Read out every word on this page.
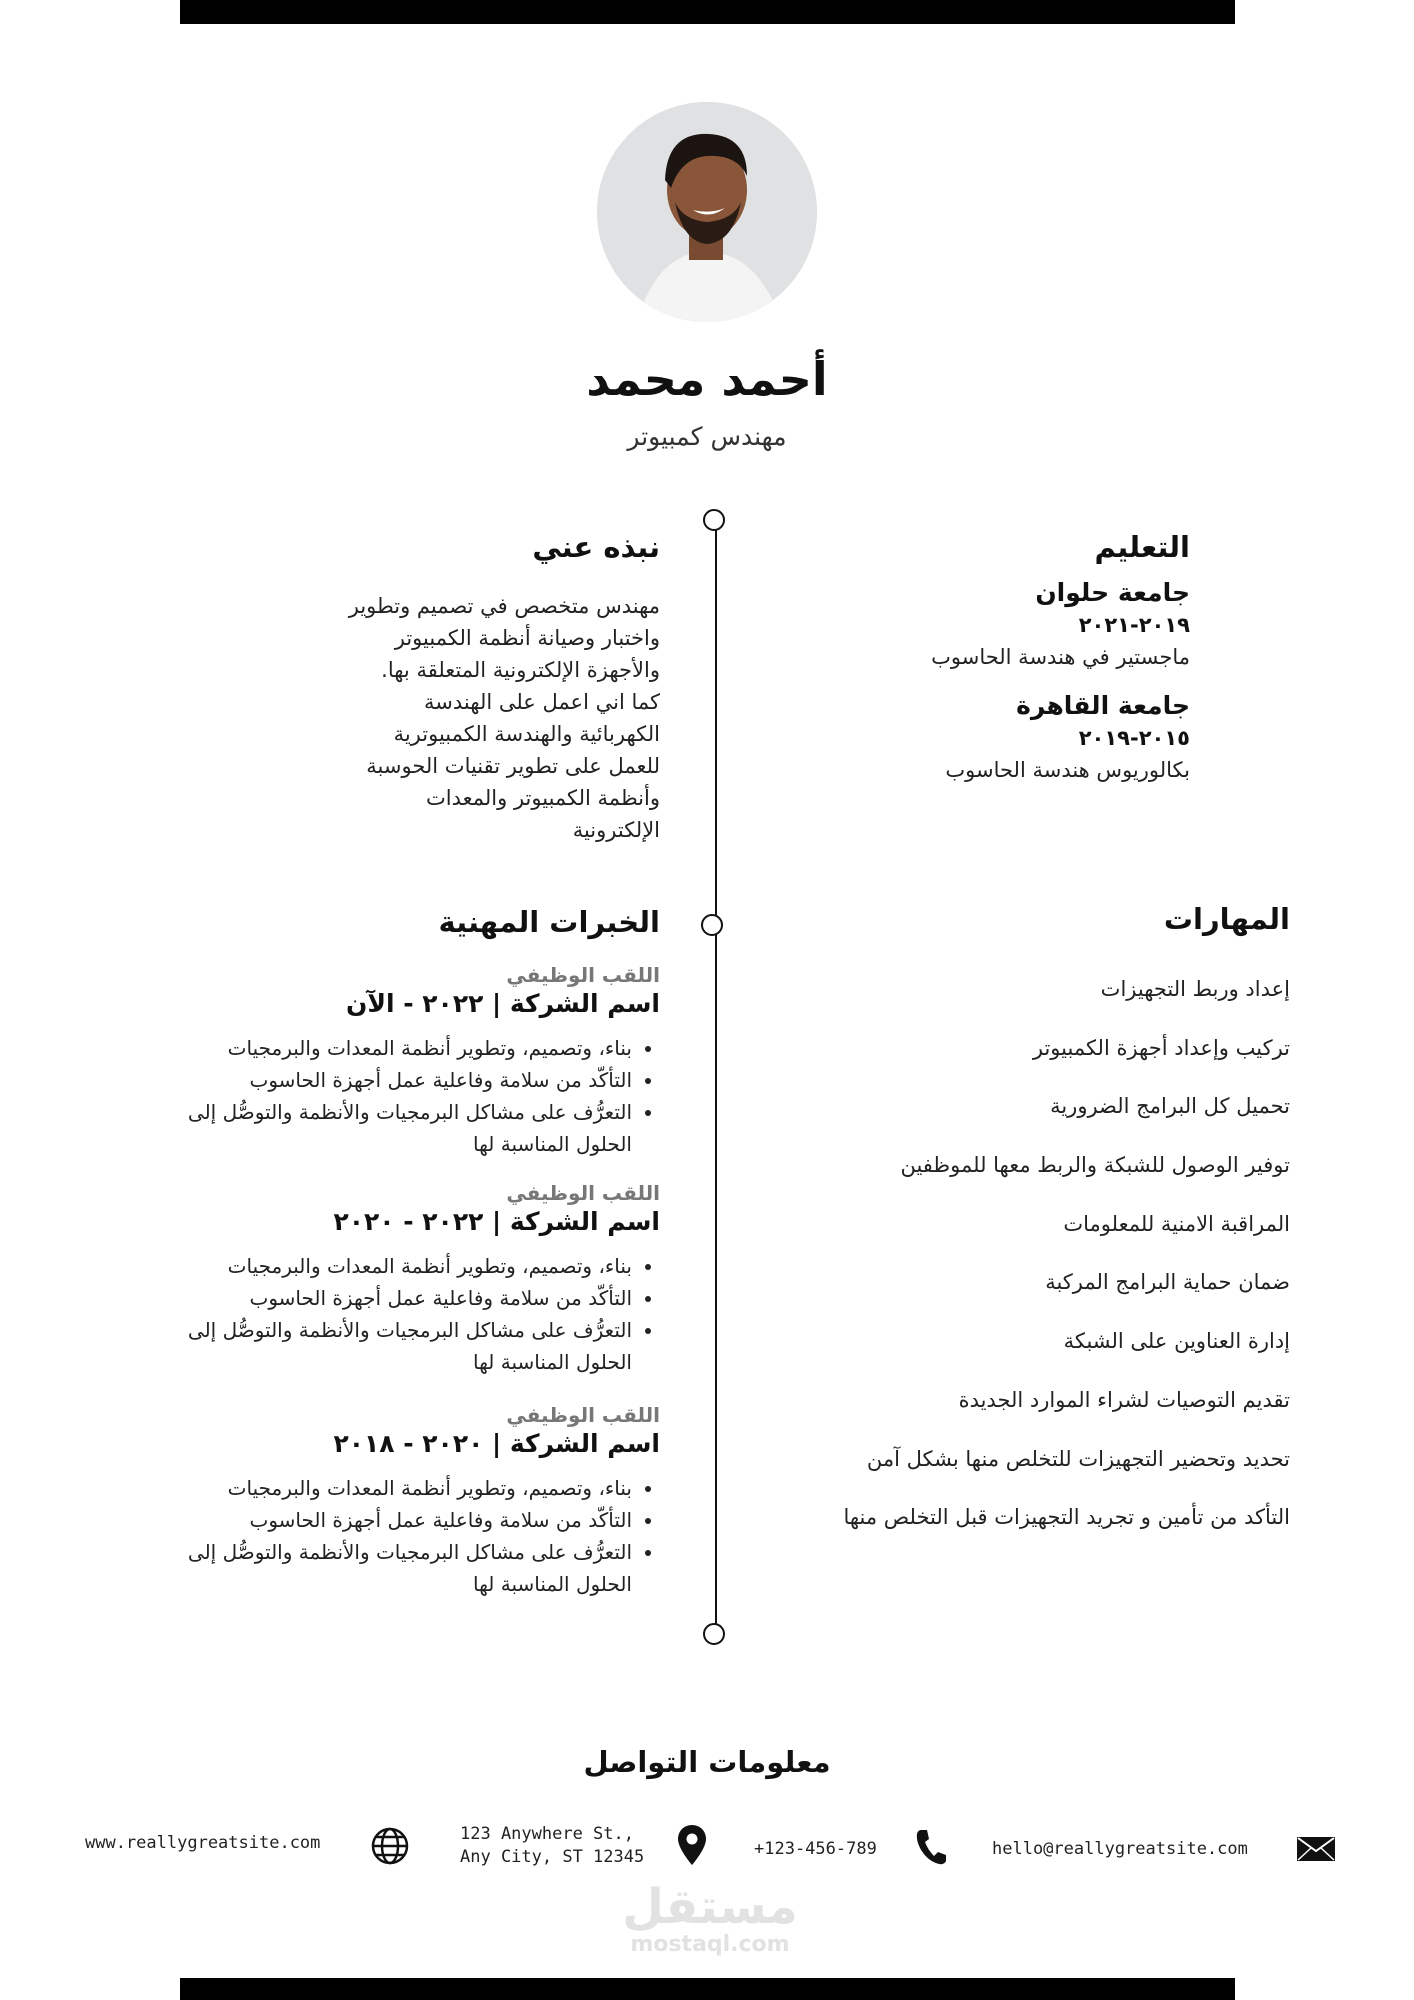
أحمد محمد
مهندس كمبيوتر
التعليم
جامعة حلوان
٢٠١٩-٢٠٢١
ماجستير في هندسة الحاسوب
جامعة القاهرة
٢٠١٥-٢٠١٩
بكالوريوس هندسة الحاسوب
نبذه عني
مهندس متخصص في تصميم وتطوير
واختبار وصيانة أنظمة الكمبيوتر
والأجهزة الإلكترونية المتعلقة بها.
كما اني اعمل على الهندسة
الكهربائية والهندسة الكمبيوترية
للعمل على تطوير تقنيات الحوسبة
وأنظمة الكمبيوتر والمعدات
الإلكترونية
المهارات
إعداد وربط التجهيزات
تركيب وإعداد أجهزة الكمبيوتر
تحميل كل البرامج الضرورية
توفير الوصول للشبكة والربط معها للموظفين
المراقبة الامنية للمعلومات
ضمان حماية البرامج المركبة
إدارة العناوين على الشبكة
تقديم التوصيات لشراء الموارد الجديدة
تحديد وتحضير التجهيزات للتخلص منها بشكل آمن
التأكد من تأمين و تجريد التجهيزات قبل التخلص منها
الخبرات المهنية
اللقب الوظيفي
اسم الشركة | ٢٠٢٢ - الآن
• بناء، وتصميم، وتطوير أنظمة المعدات والبرمجيات
• التأكّد من سلامة وفاعلية عمل أجهزة الحاسوب
• التعرُّف على مشاكل البرمجيات والأنظمة والتوصُّل إلى الحلول المناسبة لها
اللقب الوظيفي
اسم الشركة | ٢٠٢٢ - ٢٠٢٠
• بناء، وتصميم، وتطوير أنظمة المعدات والبرمجيات
• التأكّد من سلامة وفاعلية عمل أجهزة الحاسوب
• التعرُّف على مشاكل البرمجيات والأنظمة والتوصُّل إلى الحلول المناسبة لها
اللقب الوظيفي
اسم الشركة | ٢٠٢٠ - ٢٠١٨
• بناء، وتصميم، وتطوير أنظمة المعدات والبرمجيات
• التأكّد من سلامة وفاعلية عمل أجهزة الحاسوب
• التعرُّف على مشاكل البرمجيات والأنظمة والتوصُّل إلى الحلول المناسبة لها
معلومات التواصل
www.reallygreatsite.com	123 Anywhere St.,
Any City, ST 12345	+123-456-789	hello@reallygreatsite.com
مستقل
mostaql.com
